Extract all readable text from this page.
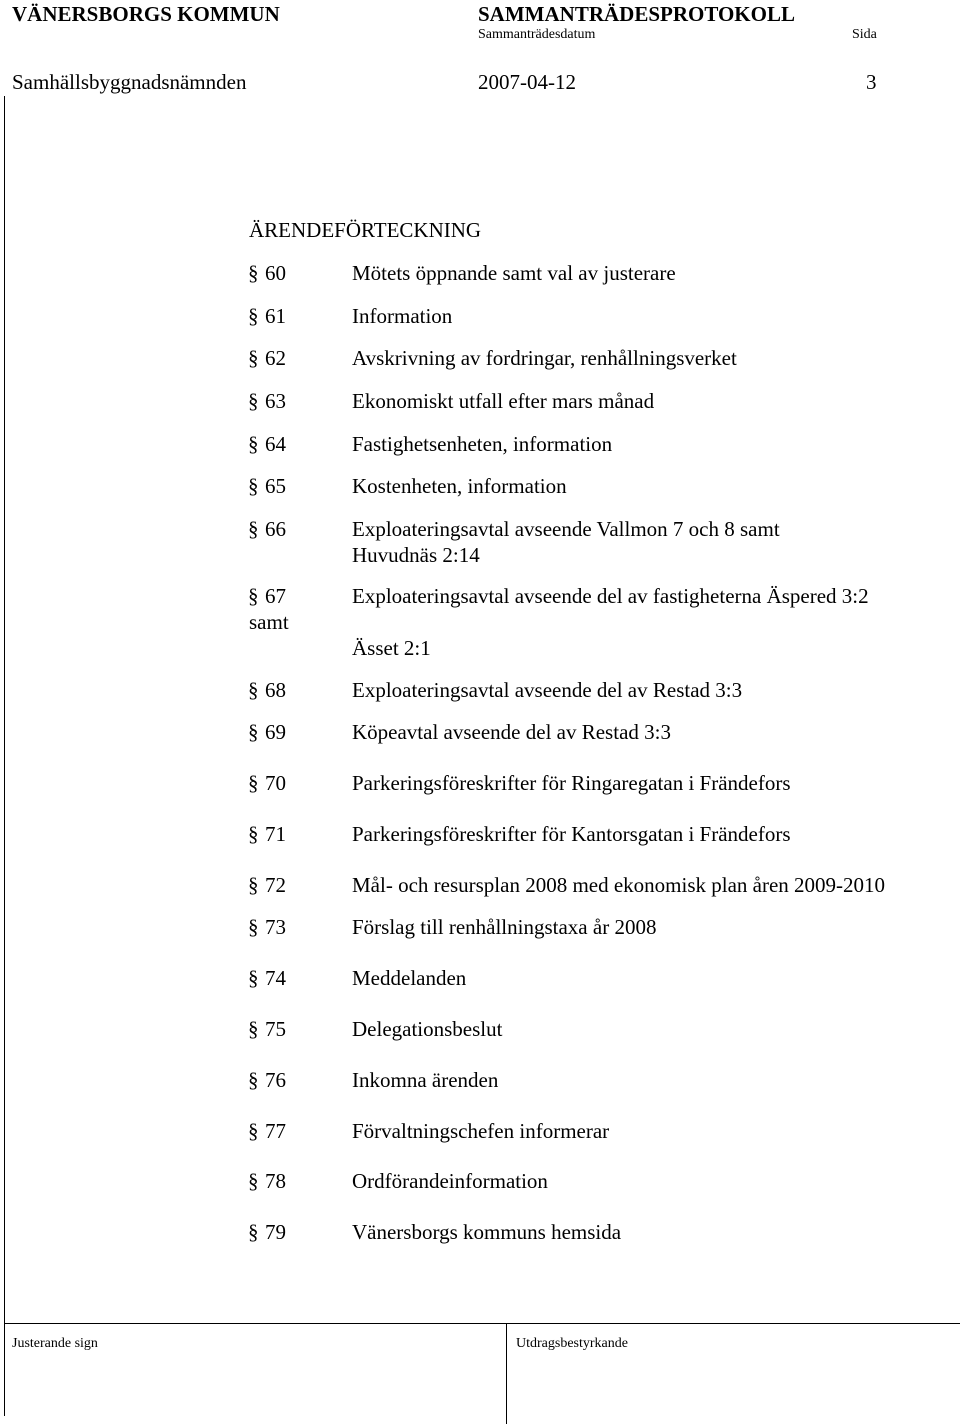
VÄNERSBORGS KOMMUN	SAMMANTRÄDESPROTOKOLL
Sammanträdesdatum	Sida
Samhällsbyggnadsnämnden	2007-04-12	3
ÄRENDEFÖRTECKNING
§ 60	Mötets öppnande samt val av justerare
§ 61	Information
§ 62	Avskrivning av fordringar, renhållningsverket
§ 63	Ekonomiskt utfall efter mars månad
§ 64	Fastighetsenheten, information
§ 65	Kostenheten, information
§ 66	Exploateringsavtal avseende Vallmon 7 och 8 samt
Huvudnäs 2:14
§ 67	Exploateringsavtal avseende del av fastigheterna Äspered 3:2
samt
Ässet 2:1
§ 68	Exploateringsavtal avseende del av Restad 3:3
§ 69	Köpeavtal avseende del av Restad 3:3
§ 70	Parkeringsföreskrifter för Ringaregatan i Frändefors
§ 71	Parkeringsföreskrifter för Kantorsgatan i Frändefors
§ 72	Mål- och resursplan 2008 med ekonomisk plan åren 2009-2010
§ 73	Förslag till renhållningstaxa år 2008
§ 74	Meddelanden
§ 75	Delegationsbeslut
§ 76	Inkomna ärenden
§ 77	Förvaltningschefen informerar
§ 78	Ordförandeinformation
§ 79	Vänersborgs kommuns hemsida
Justerande sign	Utdragsbestyrkande
